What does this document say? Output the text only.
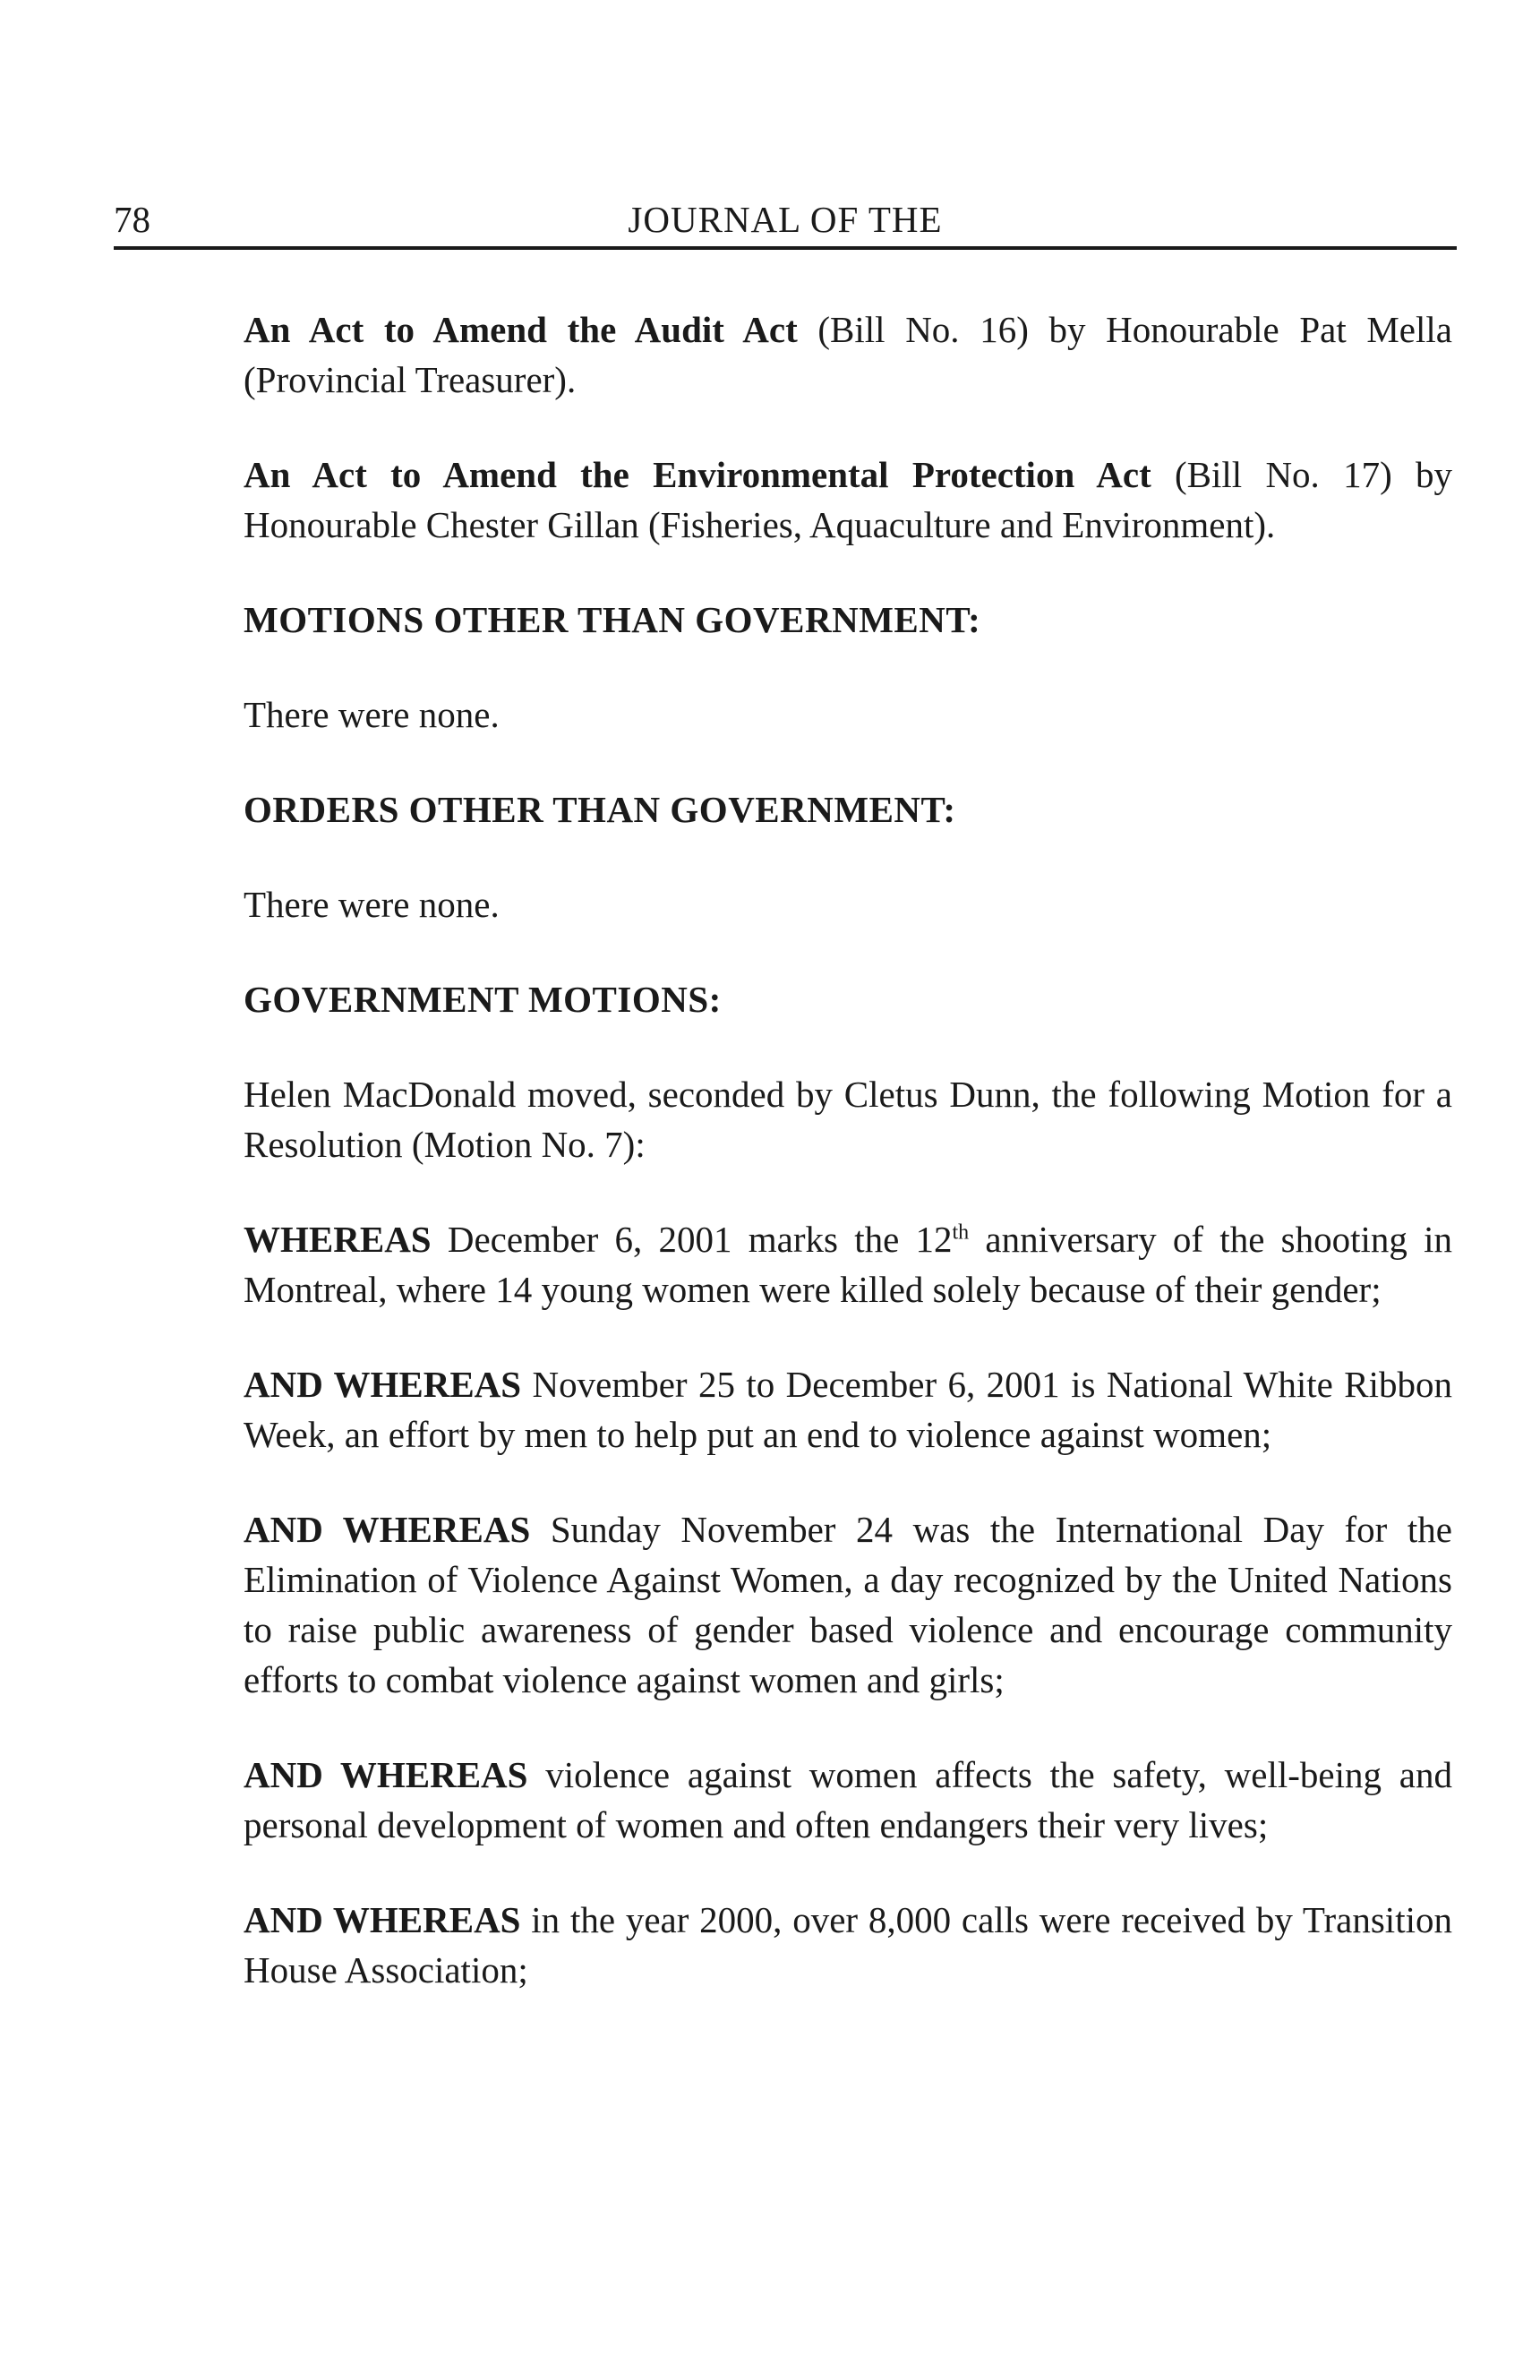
78	JOURNAL OF THE

An Act to Amend the Audit Act (Bill No. 16) by Honourable Pat Mella (Provincial Treasurer).

An Act to Amend the Environmental Protection Act (Bill No. 17) by Honourable Chester Gillan (Fisheries, Aquaculture and Environment).

MOTIONS OTHER THAN GOVERNMENT:

There were none.

ORDERS OTHER THAN GOVERNMENT:

There were none.

GOVERNMENT MOTIONS:

Helen MacDonald moved, seconded by Cletus Dunn, the following Motion for a Resolution (Motion No. 7):

WHEREAS December 6, 2001 marks the 12th anniversary of the shooting in Montreal, where 14 young women were killed solely because of their gender;

AND WHEREAS November 25 to December 6, 2001 is National White Ribbon Week, an effort by men to help put an end to violence against women;

AND WHEREAS Sunday November 24 was the International Day for the Elimination of Violence Against Women, a day recognized by the United Nations to raise public awareness of gender based violence and encourage community efforts to combat violence against women and girls;

AND WHEREAS violence against women affects the safety, well-being and personal development of women and often endangers their very lives;

AND WHEREAS in the year 2000, over 8,000 calls were received by Transition House Association;
